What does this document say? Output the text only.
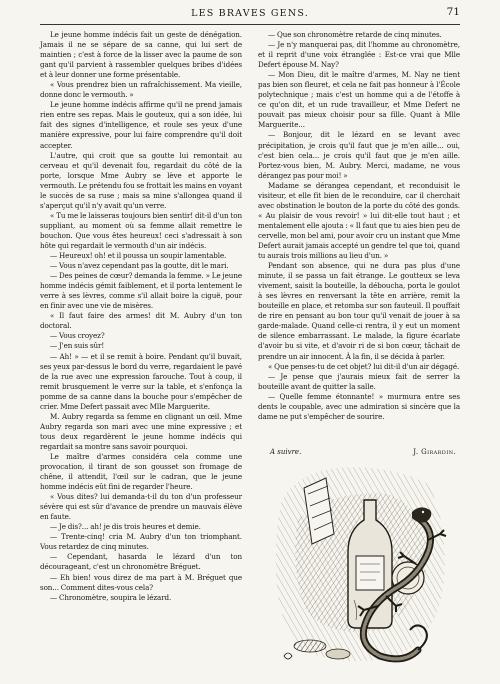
LES BRAVES GENS.	71

Le jeune homme indécis fait un geste de dénégation. Jamais il ne se sépare de sa canne, qui lui sert de maintien ; c'est à force de la lisser avec la paume de son gant qu'il parvient à rassembler quelques bribes d'idées et à leur donner une forme présentable.

« Vous prendrez bien un rafraîchissement. Ma vieille, donne donc le vermouth. »

Le jeune homme indécis affirme qu'il ne prend jamais rien entre ses repas. Mais le gouteux, qui a son idée, lui fait des signes d'intelligence, et roule ses yeux d'une manière expressive, pour lui faire comprendre qu'il doit accepter.

L'autre, qui croit que sa goutte lui remontait au cerveau et qu'il devenait fou, regardait du côté de la porte, lorsque Mme Aubry se lève et apporte le vermouth. Le prétendu fou se frottait les mains en voyant le succès de sa ruse ; mais sa mine s'allongea quand il s'aperçut qu'il n'y avait qu'un verre.

« Tu me le laisseras toujours bien sentir! dit-il d'un ton suppliant, au moment où sa femme allait remettre le bouchon. Que vous êtes heureux! ceci s'adressait à son hôte qui regardait le vermouth d'un air indécis.

— Heureux! oh! et il poussa un soupir lamentable.

— Vous n'avez cependant pas la goutte, dit le mari.

— Des peines de cœur? demanda la femme. » Le jeune homme indécis gémit faiblement, et il porta lentement le verre à ses lèvres, comme s'il allait boire la ciguë, pour en finir avec une vie de misères.

« Il faut faire des armes! dit M. Aubry d'un ton doctoral.

— Vous croyez?

— J'en suis sûr!

— Ah! » — et il se remit à boire. Pendant qu'il buvait, ses yeux par-dessus le bord du verre, regardaient le pavé de la rue avec une expression farouche. Tout à coup, il remit brusquement le verre sur la table, et s'enfonça la pomme de sa canne dans la bouche pour s'empêcher de crier. Mme Defert passait avec Mlle Marguerite.

M. Aubry regarda sa femme en clignant un œil. Mme Aubry regarda son mari avec une mine expressive ; et tous deux regardèrent le jeune homme indécis qui regardait sa montre sans savoir pourquoi.

Le maître d'armes considéra cela comme une provocation, il tirant de son gousset son fromage de chêne, il attendit, l'œil sur le cadran, que le jeune homme indécis eût fini de regarder l'heure.

« Vous dites? lui demanda-t-il du ton d'un professeur sévère qui est sûr d'avance de prendre un mauvais élève en faute.

— Je dis?... ah! je dis trois heures et demie.

— Trente-cinq! cria M. Aubry d'un ton triomphant. Vous retardez de cinq minutes.

— Cependant, hasarda le lézard d'un ton décourageant, c'est un chronomètre Bréguet.

— Eh bien! vous direz de ma part à M. Bréguet que son... Comment dites-vous cela?

— Chronomètre, soupira le lézard.

— Que son chronomètre retarde de cinq minutes.

— Je n'y manquerai pas, dit l'homme au chronomètre, et il reprit d'une voix étranglée : Est-ce vrai que Mlle Defert épouse M. Nay?

— Mon Dieu, dit le maître d'armes, M. Nay ne tient pas bien son fleuret, et cela ne fait pas honneur à l'École polytechnique ; mais c'est un homme qui a de l'étoffe à ce qu'on dit, et un rude travailleur, et Mme Defert ne pouvait pas mieux choisir pour sa fille. Quant à Mlle Marguerite...

— Bonjour, dit le lézard en se levant avec précipitation, je crois qu'il faut que je m'en aille... oui, c'est bien cela... je crois qu'il faut que je m'en aille. Portez-vous bien, M. Aubry. Merci, madame, ne vous dérangez pas pour moi! »

Madame se dérangea cependant, et reconduisit le visiteur, et elle fit bien de le reconduire, car il cherchait avec obstination le bouton de la porte du côté des gonds. « Au plaisir de vous revoir! » lui dit-elle tout haut ; et mentalement elle ajouta : « Il faut que tu aies bien peu de cervelle, mon bel ami, pour avoir cru un instant que Mme Defert aurait jamais accepté un gendre tel que toi, quand tu aurais trois millions au lieu d'un. »

Pendant son absence, qui ne dura pas plus d'une minute, il se passa un fait étrange. Le goutteux se leva vivement, saisit la bouteille, la déboucha, porta le goulot à ses lèvres en renversant la tête en arrière, remit la bouteille en place, et retomba sur son fauteuil. Il pouffait de rire en pensant au bon tour qu'il venait de jouer à sa garde-malade. Quand celle-ci rentra, il y eut un moment de silence embarrassant. Le malade, la figure écarlate d'avoir bu si vite, et d'avoir ri de si bon cœur, tâchait de prendre un air innocent. À la fin, il se décida à parler.

« Que penses-tu de cet objet? lui dit-il d'un air dégagé.

— Je pense que j'aurais mieux fait de serrer la bouteille avant de quitter la salle.

— Quelle femme étonnante! » murmura entre ses dents le coupable, avec une admiration si sincère que la dame ne put s'empêcher de sourire.

A suivre.	J. Girardin.
